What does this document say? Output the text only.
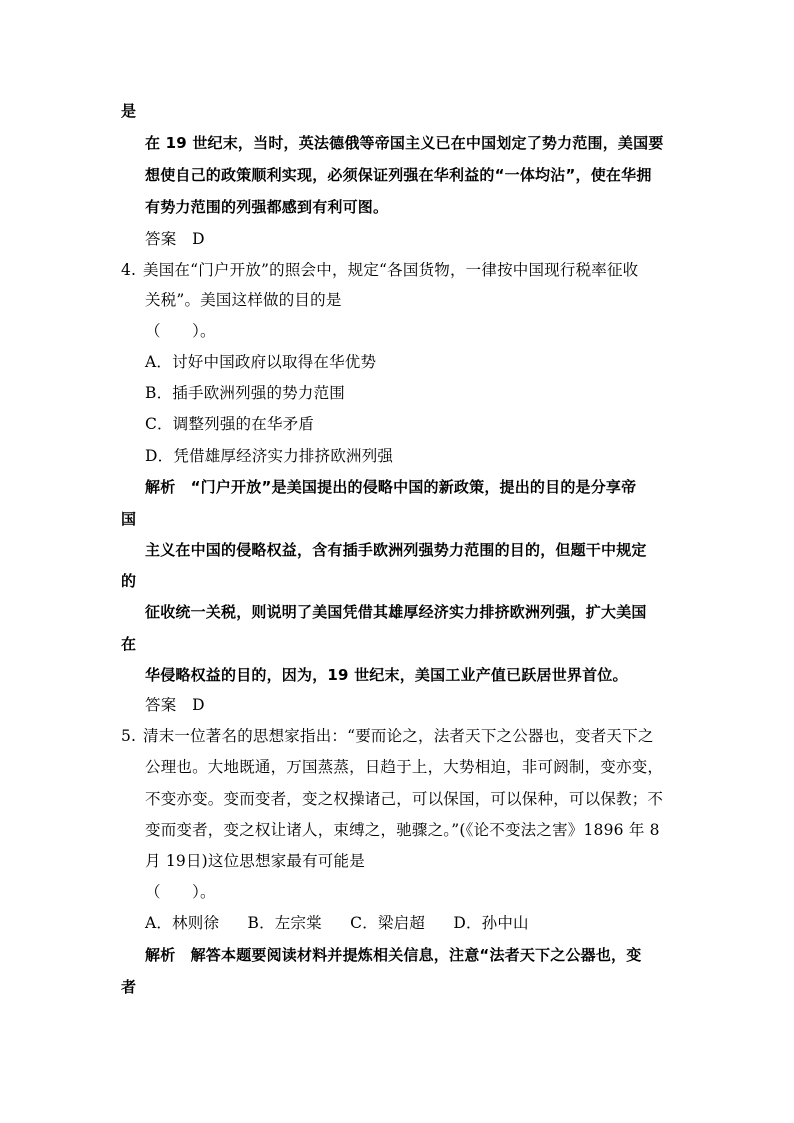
是
在 19 世纪末，当时，英法德俄等帝国主义已在中国划定了势力范围，美国要
想使自己的政策顺利实现，必须保证列强在华利益的“一体均沾”，使在华拥
有势力范围的列强都感到有利可图。
答案　D
4. 美国在“门户开放”的照会中，规定“各国货物，一律按中国现行税率征收
关税”。美国这样做的目的是
（　　）。
A．讨好中国政府以取得在华优势
B．插手欧洲列强的势力范围
C．调整列强的在华矛盾
D．凭借雄厚经济实力排挤欧洲列强
解析　“门户开放”是美国提出的侵略中国的新政策，提出的目的是分享帝
国
主义在中国的侵略权益，含有插手欧洲列强势力范围的目的，但题干中规定
的
征收统一关税，则说明了美国凭借其雄厚经济实力排挤欧洲列强，扩大美国
在
华侵略权益的目的，因为，19 世纪末，美国工业产值已跃居世界首位。
答案　D
5. 清末一位著名的思想家指出：“要而论之，法者天下之公器也，变者天下之
公理也。大地既通，万国蒸蒸，日趋于上，大势相迫，非可阏制，变亦变，
不变亦变。变而变者，变之权操诸己，可以保国，可以保种，可以保教；不
变而变者，变之权让诸人，束缚之，驰骤之。”(《论不变法之害》1896 年 8
月 19日)这位思想家最有可能是
（　　）。
A．林则徐 B．左宗棠 C．梁启超 D．孙中山
解析　解答本题要阅读材料并提炼相关信息，注意“法者天下之公器也，变
者
